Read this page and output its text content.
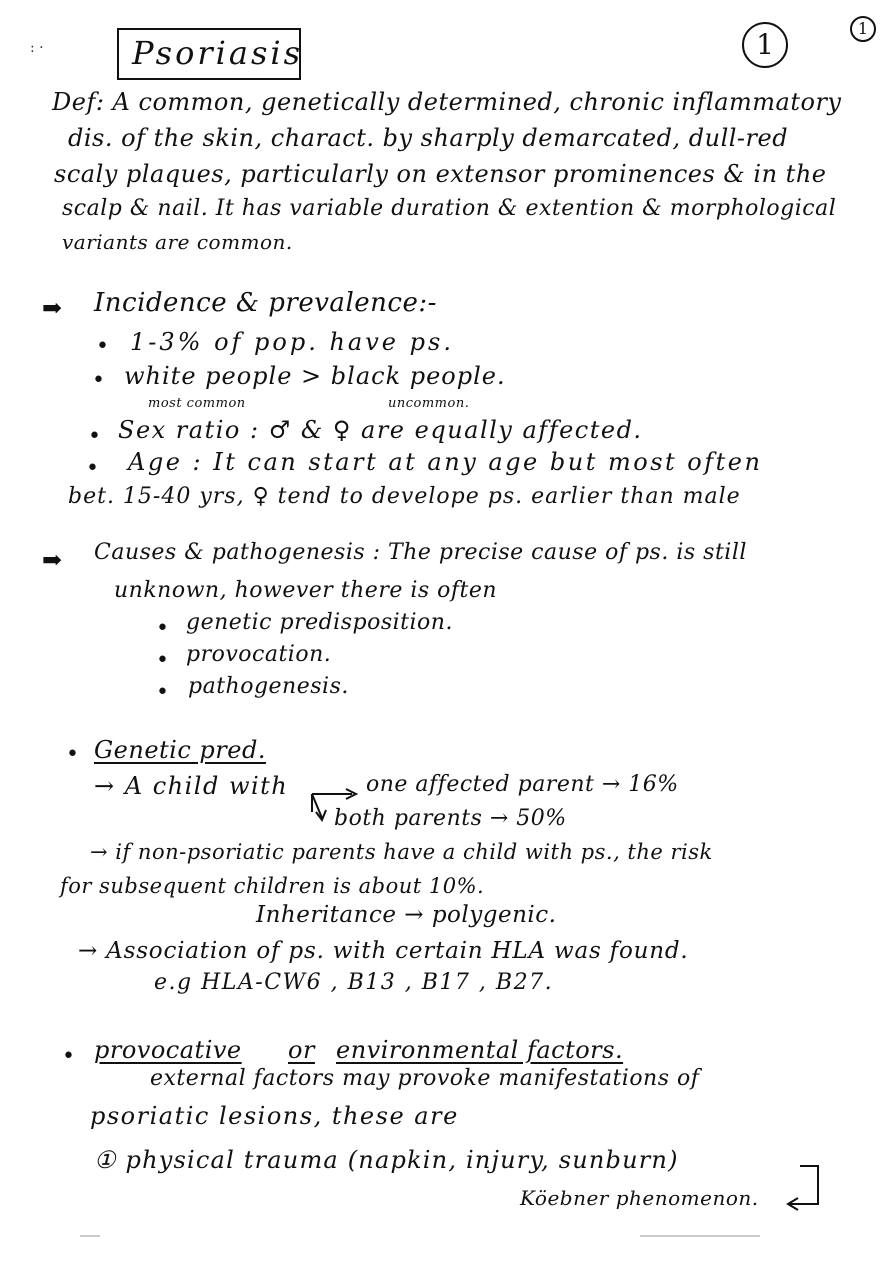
: ·	Psoriasis	1	1
Def: A common, genetically determined, chronic inflammatory
dis. of the skin, charact. by sharply demarcated, dull-red
scaly plaques, particularly on extensor prominences & in the
scalp & nail. It has variable duration & extention & morphological
variants are common.
➡ Incidence & prevalence:-
• 1-3% of pop. have ps.
• white people > black people.
most common	uncommon.
• Sex ratio : ♂ & ♀ are equally affected.
• Age : It can start at any age but most often
bet. 15-40 yrs, ♀ tend to develope ps. earlier than male
➡ Causes & pathogenesis : The precise cause of ps. is still
unknown, however there is often
• genetic predisposition.
• provocation.
• pathogenesis.
• Genetic pred.
→ A child with	one affected parent → 16%
both parents → 50%
→ if non-psoriatic parents have a child with ps., the risk
for subsequent children is about 10%.
Inheritance → polygenic.
→ Association of ps. with certain HLA was found.
e.g HLA-CW6 , B13 , B17 , B27.
• provocative or environmental factors.
external factors may provoke manifestations of
psoriatic lesions, these are
① physical trauma (napkin, injury, sunburn)
Köebner phenomenon.
